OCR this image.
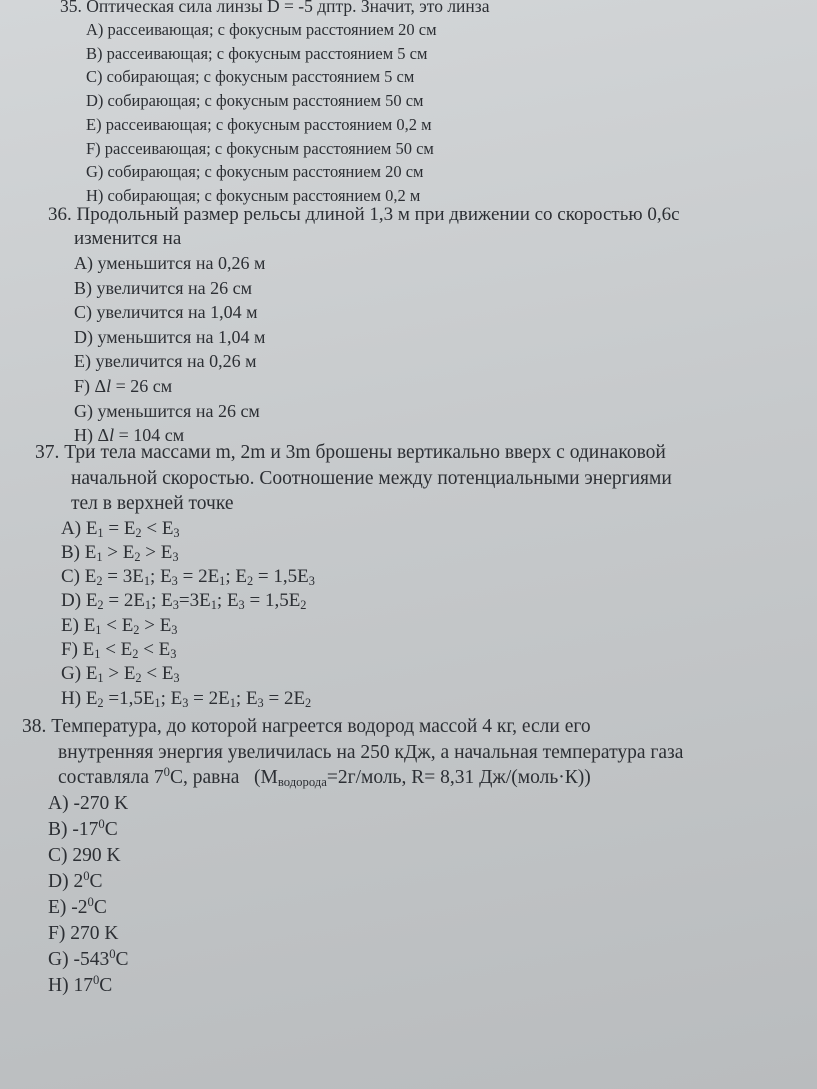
35. Оптическая сила линзы D = -5 дптр. Значит, это линза
A) рассеивающая; с фокусным расстоянием 20 см
B) рассеивающая; с фокусным расстоянием 5 см
C) собирающая; с фокусным расстоянием 5 см
D) собирающая; с фокусным расстоянием 50 см
E) рассеивающая; с фокусным расстоянием 0,2 м
F) рассеивающая; с фокусным расстоянием 50 см
G) собирающая; с фокусным расстоянием 20 см
H) собирающая; с фокусным расстоянием 0,2 м
36. Продольный размер рельсы длиной 1,3 м при движении со скоростью 0,6с
изменится на
A) уменьшится на 0,26 м
B) увеличится на 26 см
C) увеличится на 1,04 м
D) уменьшится на 1,04 м
E) увеличится на 0,26 м
F) Δl = 26 см
G) уменьшится на 26 см
H) Δl = 104 см
37. Три тела массами m, 2m и 3m брошены вертикально вверх с одинаковой
начальной скоростью. Соотношение между потенциальными энергиями
тел в верхней точке
A) $E_1 = E_2 < E_3$
B) $E_1 > E_2 > E_3$
C) $E_2 = 3E_1$; $E_3 = 2E_1$; $E_2 = 1,5E_3$
D) $E_2 = 2E_1$; $E_3=3E_1$; $E_3 = 1,5E_2$
E) $E_1 < E_2 > E_3$
F) $E_1 < E_2 < E_3$
G) $E_1 > E_2 < E_3$
H) $E_2 =1,5E_1$; $E_3 = 2E_1$; $E_3 = 2E_2$
38. Температура, до которой нагреется водород массой 4 кг, если его
внутренняя энергия увеличилась на 250 кДж, а начальная температура газа
составляла $7^0C$, равна ($M_{водорода}=2г$/моль, R= 8,31 Дж/(моль·К))
A) -270 K
B) $-17^0C$
C) 290 K
D) $2^0C$
E) $-2^0C$
F) 270 K
G) $-543^0C$
H) $17^0C$
